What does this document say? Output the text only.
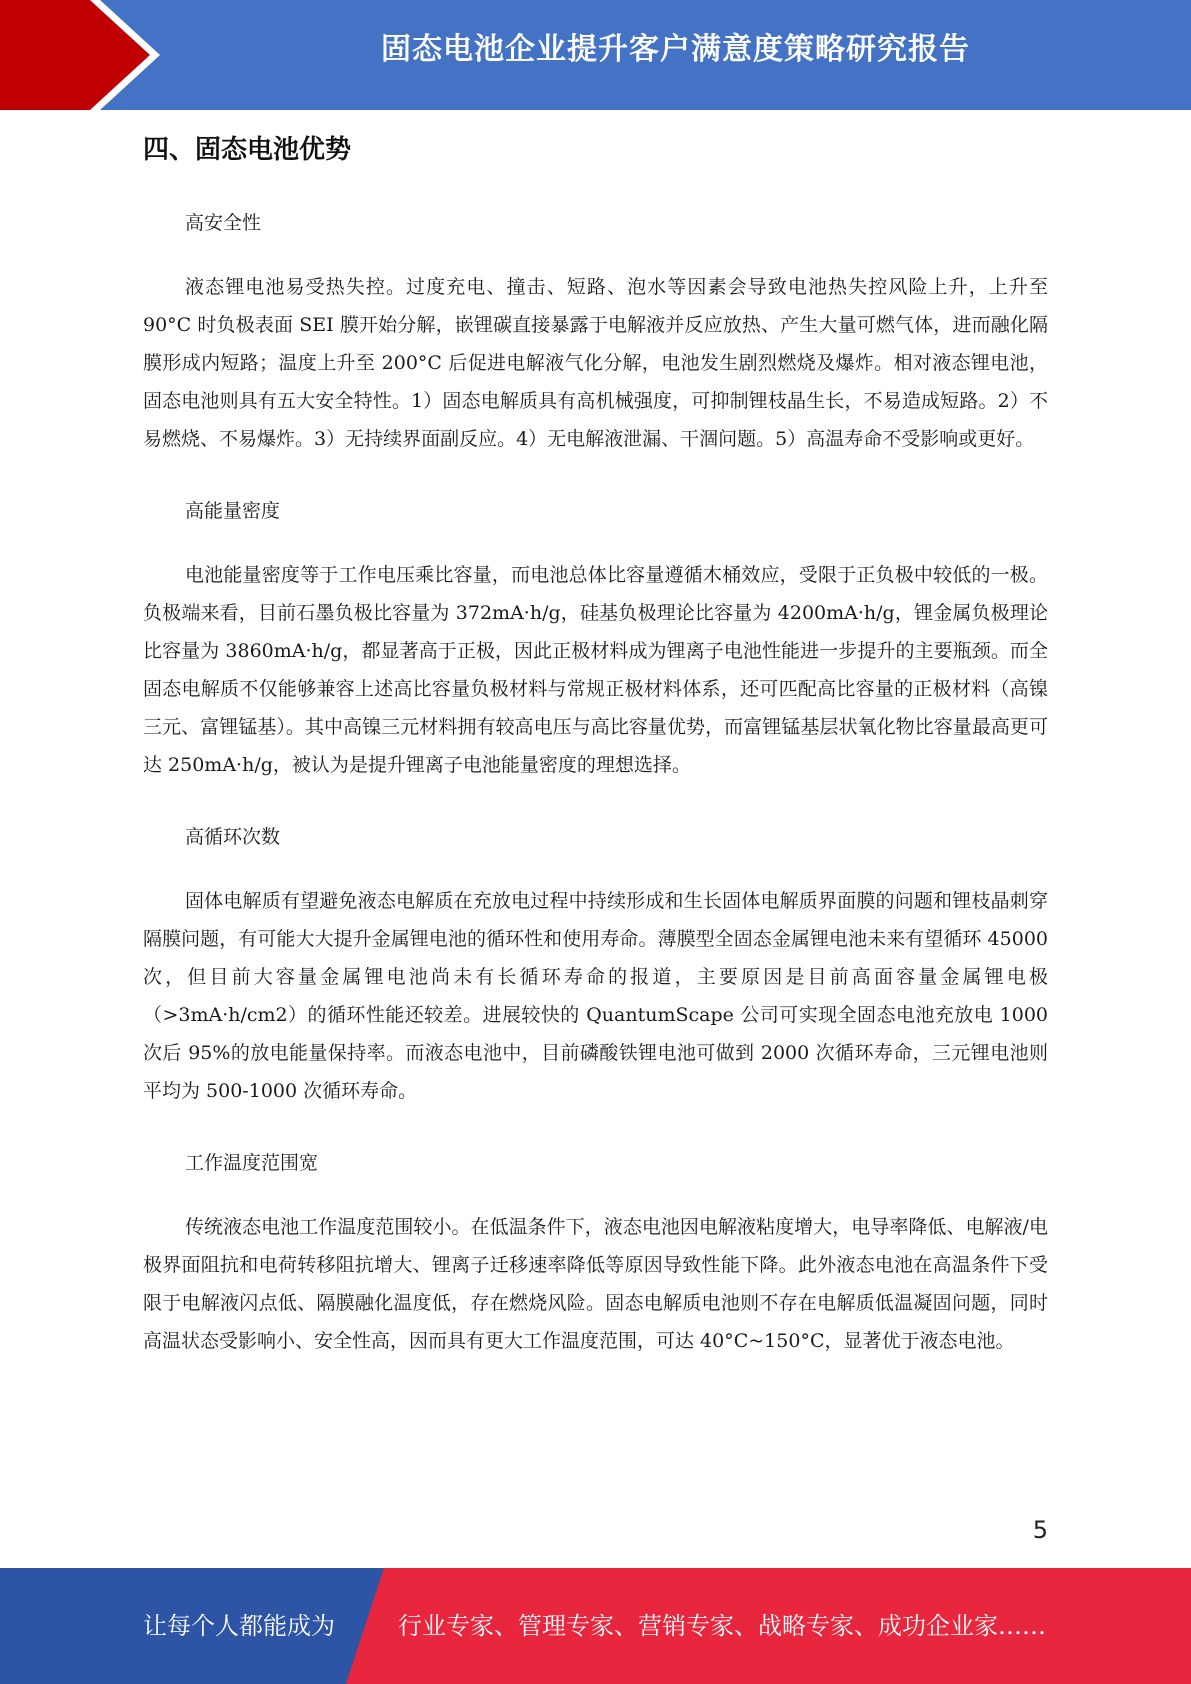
固态电池企业提升客户满意度策略研究报告
四、固态电池优势
高安全性
液态锂电池易受热失控。过度充电、撞击、短路、泡水等因素会导致电池热失控风险上升，上升至 90°C 时负极表面 SEI 膜开始分解，嵌锂碳直接暴露于电解液并反应放热、产生大量可燃气体，进而融化隔膜形成内短路；温度上升至 200°C 后促进电解液气化分解，电池发生剧烈燃烧及爆炸。相对液态锂电池，固态电池则具有五大安全特性。1）固态电解质具有高机械强度，可抑制锂枝晶生长，不易造成短路。2）不易燃烧、不易爆炸。3）无持续界面副反应。4）无电解液泄漏、干涸问题。5）高温寿命不受影响或更好。
高能量密度
电池能量密度等于工作电压乘比容量，而电池总体比容量遵循木桶效应，受限于正负极中较低的一极。负极端来看，目前石墨负极比容量为 372mA·h/g，硅基负极理论比容量为 4200mA·h/g，锂金属负极理论比容量为 3860mA·h/g，都显著高于正极，因此正极材料成为锂离子电池性能进一步提升的主要瓶颈。而全固态电解质不仅能够兼容上述高比容量负极材料与常规正极材料体系，还可匹配高比容量的正极材料（高镍三元、富锂锰基）。其中高镍三元材料拥有较高电压与高比容量优势，而富锂锰基层状氧化物比容量最高更可达 250mA·h/g，被认为是提升锂离子电池能量密度的理想选择。
高循环次数
固体电解质有望避免液态电解质在充放电过程中持续形成和生长固体电解质界面膜的问题和锂枝晶刺穿隔膜问题，有可能大大提升金属锂电池的循环性和使用寿命。薄膜型全固态金属锂电池未来有望循环 45000 次，但目前大容量金属锂电池尚未有长循环寿命的报道，主要原因是目前高面容量金属锂电极（>3mA·h/cm2）的循环性能还较差。进展较快的 QuantumScape 公司可实现全固态电池充放电 1000 次后 95%的放电能量保持率。而液态电池中，目前磷酸铁锂电池可做到 2000 次循环寿命，三元锂电池则平均为 500-1000 次循环寿命。
工作温度范围宽
传统液态电池工作温度范围较小。在低温条件下，液态电池因电解液粘度增大，电导率降低、电解液/电极界面阻抗和电荷转移阻抗增大、锂离子迁移速率降低等原因导致性能下降。此外液态电池在高温条件下受限于电解液闪点低、隔膜融化温度低，存在燃烧风险。固态电解质电池则不存在电解质低温凝固问题，同时高温状态受影响小、安全性高，因而具有更大工作温度范围，可达 40°C~150°C，显著优于液态电池。
5
让每个人都能成为	行业专家、管理专家、营销专家、战略专家、成功企业家……
